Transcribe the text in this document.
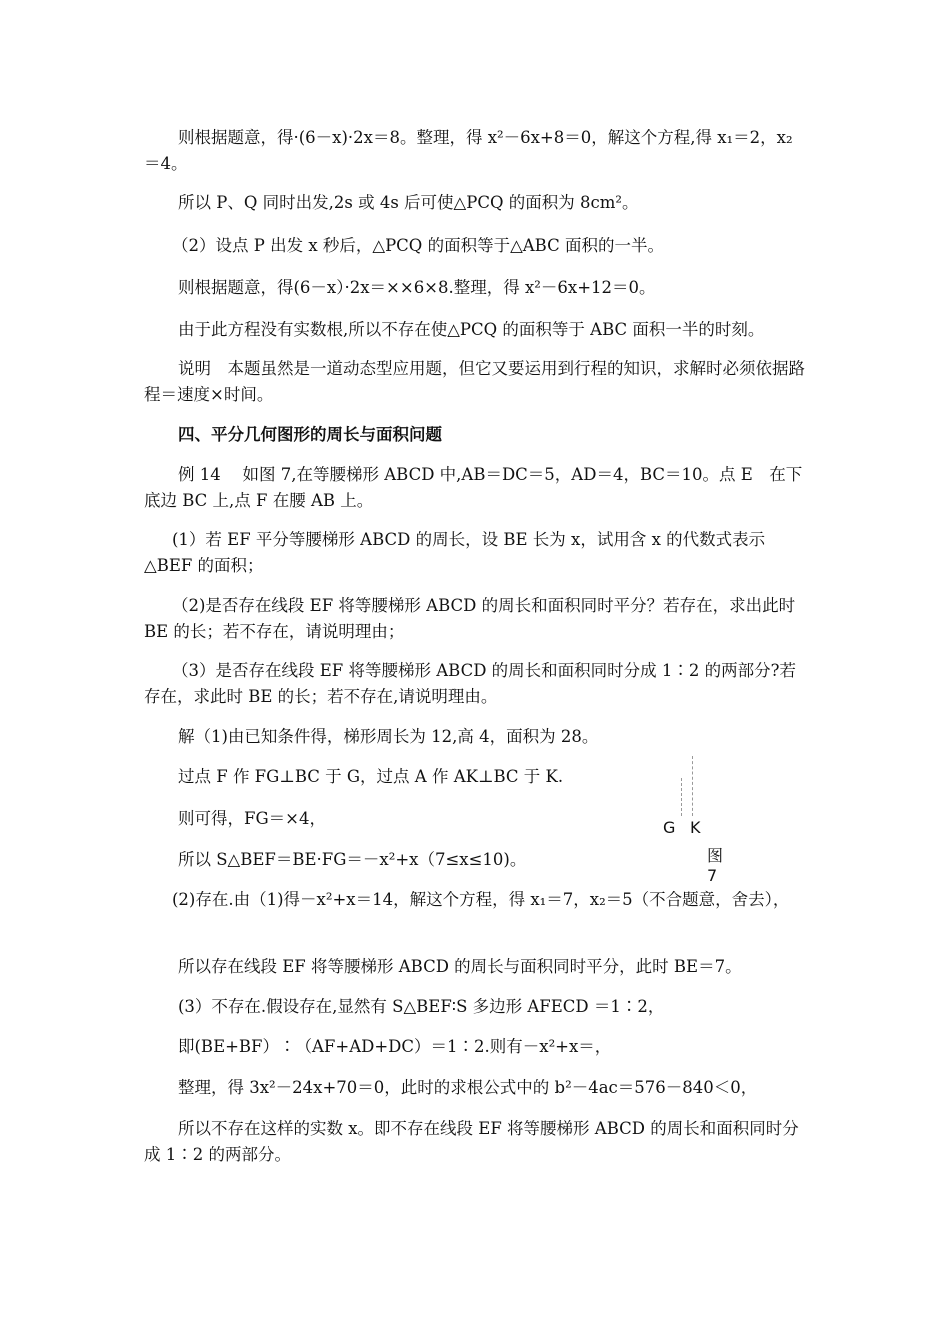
则根据题意，得·(6－x)·2x＝8。整理，得 x²－6x+8＝0，解这个方程,得 x₁＝2，x₂＝4。
所以 P、Q 同时出发,2s 或 4s 后可使△PCQ 的面积为 8cm²。
（2）设点 P 出发 x 秒后，△PCQ 的面积等于△ABC 面积的一半。
则根据题意，得(6－x）·2x＝××6×8.整理，得 x²－6x+12＝0。
由于此方程没有实数根,所以不存在使△PCQ 的面积等于 ABC 面积一半的时刻。
说明　本题虽然是一道动态型应用题，但它又要运用到行程的知识，求解时必须依据路程＝速度×时间。
四、平分几何图形的周长与面积问题
例 14　 如图 7,在等腰梯形 ABCD 中,AB＝DC＝5，AD＝4，BC＝10。点 E　在下底边 BC 上,点 F 在腰 AB 上。
(1）若 EF 平分等腰梯形 ABCD 的周长，设 BE 长为 x，试用含 x 的代数式表示△BEF 的面积；
（2)是否存在线段 EF 将等腰梯形 ABCD 的周长和面积同时平分？若存在，求出此时 BE 的长；若不存在，请说明理由；
（3）是否存在线段 EF 将等腰梯形 ABCD 的周长和面积同时分成 1∶2 的两部分?若存在，求此时 BE 的长；若不存在,请说明理由。
解（1)由已知条件得，梯形周长为 12,高 4，面积为 28。
过点 F 作 FG⊥BC 于 G，过点 A 作 AK⊥BC 于 K.
则可得，FG＝×4，
所以 S△BEF＝BE·FG＝－x²+x（7≤x≤10)。
(2)存在.由（1)得－x²+x＝14，解这个方程，得 x₁＝7，x₂＝5（不合题意，舍去），
所以存在线段 EF 将等腰梯形 ABCD 的周长与面积同时平分，此时 BE＝7。
(3）不存在.假设存在,显然有 S△BEF∶S 多边形 AFECD ＝1∶2，
即(BE+BF）∶（AF+AD+DC）＝1∶2.则有－x²+x＝，
整理，得 3x²－24x+70＝0，此时的求根公式中的 b²－4ac＝576－840＜0，
所以不存在这样的实数 x。即不存在线段 EF 将等腰梯形 ABCD 的周长和面积同时分成 1∶2 的两部分。
G K
图 7
